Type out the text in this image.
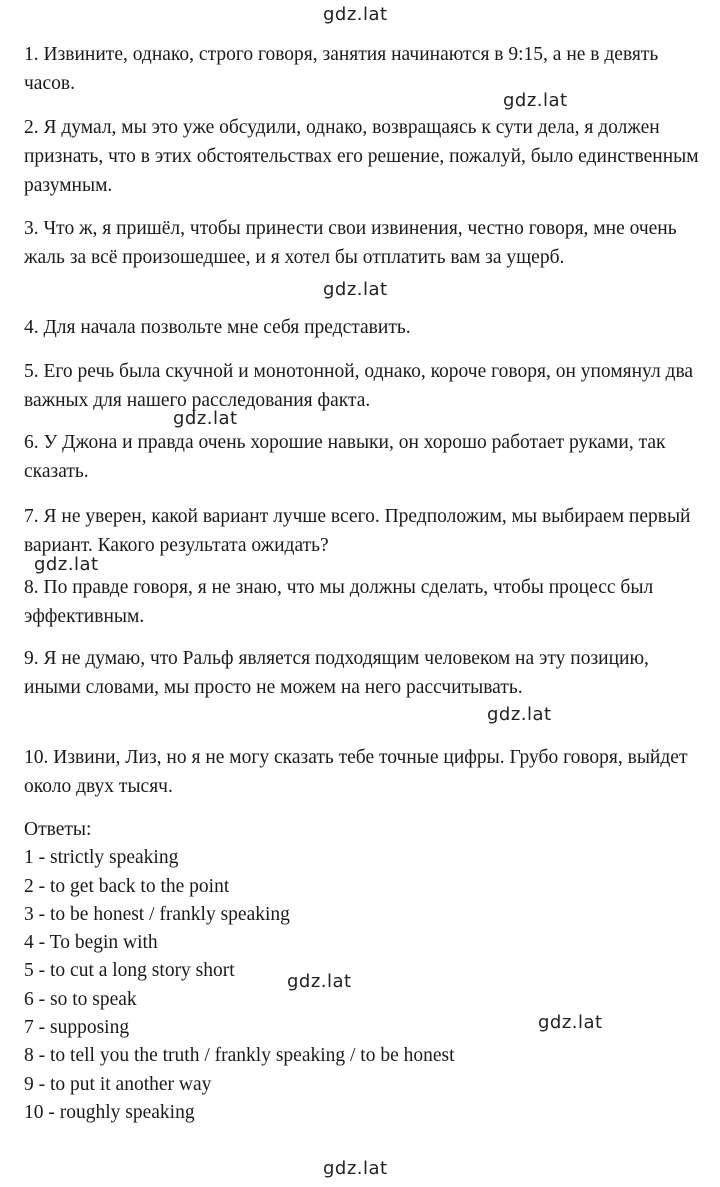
gdz.lat
gdz.lat
gdz.lat
gdz.lat
gdz.lat
gdz.lat
gdz.lat
gdz.lat
gdz.lat

1. Извините, однако, строго говоря, занятия начинаются в 9:15, а не в девять часов.

2. Я думал, мы это уже обсудили, однако, возвращаясь к сути дела, я должен признать, что в этих обстоятельствах его решение, пожалуй, было единственным разумным.

3. Что ж, я пришёл, чтобы принести свои извинения, честно говоря, мне очень жаль за всё произошедшее, и я хотел бы отплатить вам за ущерб.

4. Для начала позвольте мне себя представить.

5. Его речь была скучной и монотонной, однако, короче говоря, он упомянул два важных для нашего расследования факта.

6. У Джона и правда очень хорошие навыки, он хорошо работает руками, так сказать.

7. Я не уверен, какой вариант лучше всего. Предположим, мы выбираем первый вариант. Какого результата ожидать?

8. По правде говоря, я не знаю, что мы должны сделать, чтобы процесс был эффективным.

9. Я не думаю, что Ральф является подходящим человеком на эту позицию, иными словами, мы просто не можем на него рассчитывать.

10. Извини, Лиз, но я не могу сказать тебе точные цифры. Грубо говоря, выйдет около двух тысяч.

Ответы:
1 - strictly speaking
2 - to get back to the point
3 - to be honest / frankly speaking
4 - To begin with
5 - to cut a long story short
6 - so to speak
7 - supposing
8 - to tell you the truth / frankly speaking / to be honest
9 - to put it another way
10 - roughly speaking
